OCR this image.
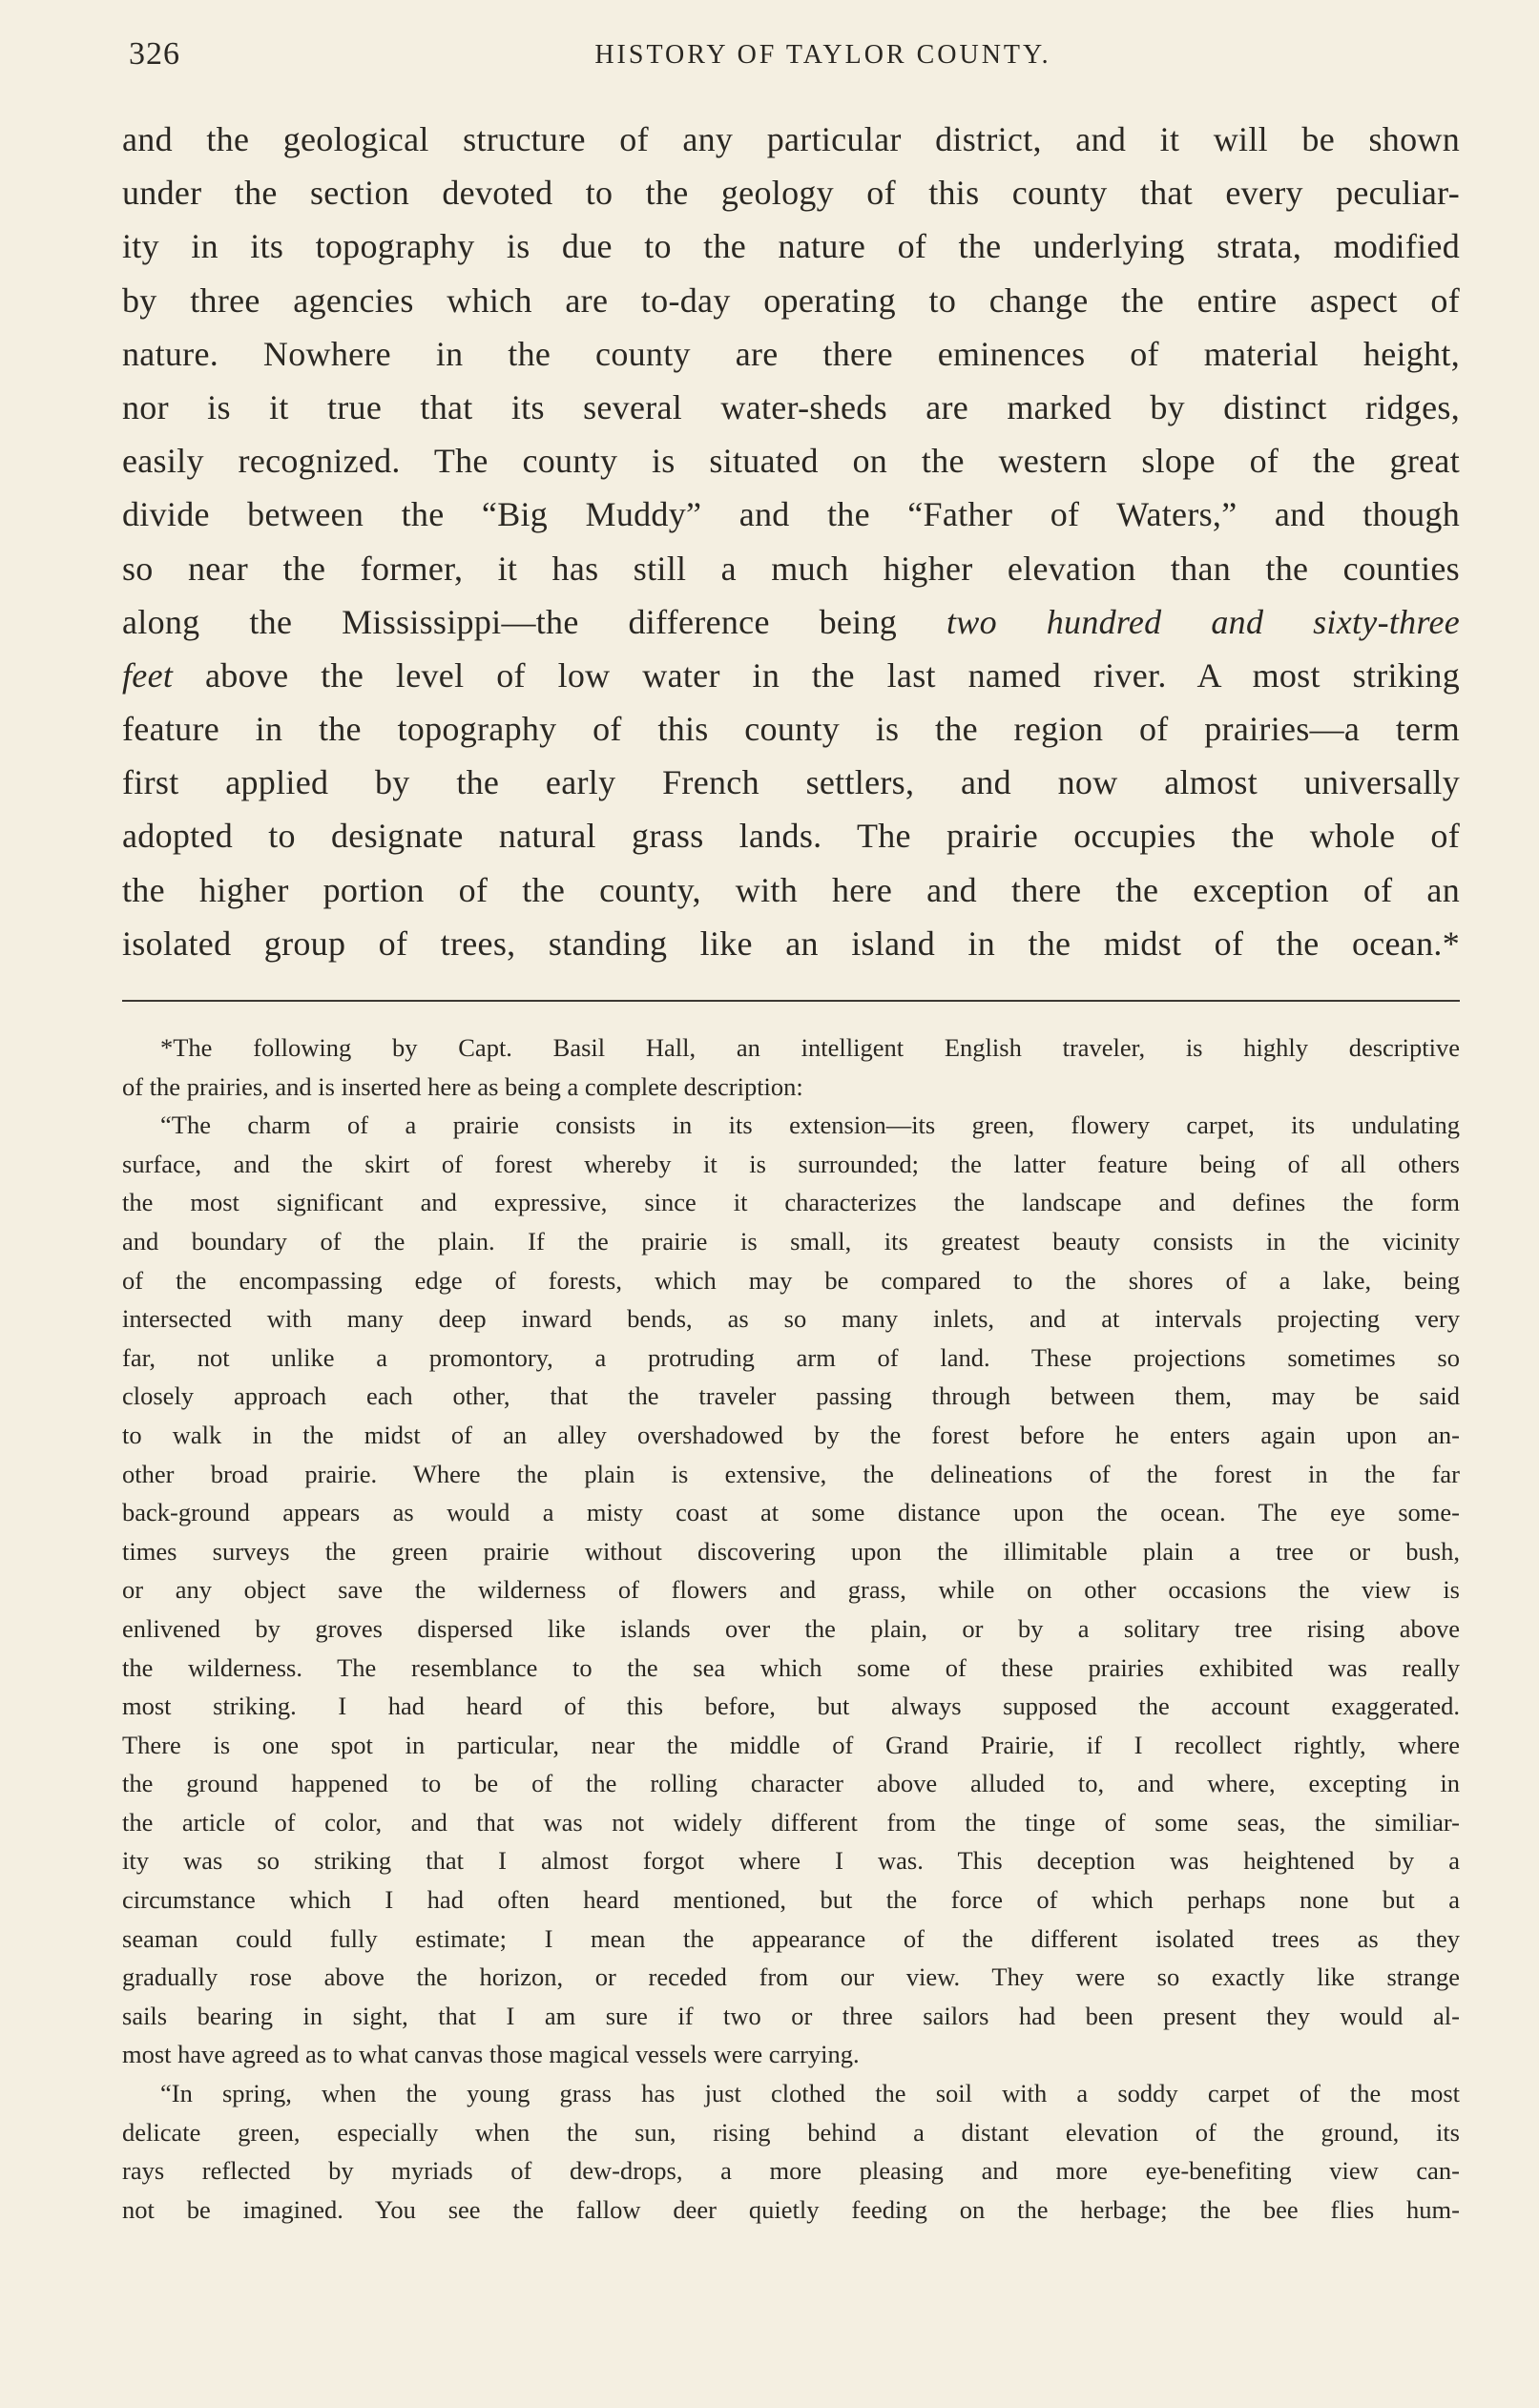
326	HISTORY OF TAYLOR COUNTY.
and the geological structure of any particular district, and it will be shown
under the section devoted to the geology of this county that every peculiar-
ity in its topography is due to the nature of the underlying strata, modified
by three agencies which are to-day operating to change the entire aspect of
nature. Nowhere in the county are there eminences of material height,
nor is it true that its several water-sheds are marked by distinct ridges,
easily recognized. The county is situated on the western slope of the great
divide between the “Big Muddy” and the “Father of Waters,” and though
so near the former, it has still a much higher elevation than the counties
along the Mississippi—the difference being two hundred and sixty-three
feet above the level of low water in the last named river. A most striking
feature in the topography of this county is the region of prairies—a term
first applied by the early French settlers, and now almost universally
adopted to designate natural grass lands. The prairie occupies the whole of
the higher portion of the county, with here and there the exception of an
isolated group of trees, standing like an island in the midst of the ocean.*
*The following by Capt. Basil Hall, an intelligent English traveler, is highly descriptive
of the prairies, and is inserted here as being a complete description:
“The charm of a prairie consists in its extension—its green, flowery carpet, its undulating
surface, and the skirt of forest whereby it is surrounded; the latter feature being of all others
the most significant and expressive, since it characterizes the landscape and defines the form
and boundary of the plain. If the prairie is small, its greatest beauty consists in the vicinity
of the encompassing edge of forests, which may be compared to the shores of a lake, being
intersected with many deep inward bends, as so many inlets, and at intervals projecting very
far, not unlike a promontory, a protruding arm of land. These projections sometimes so
closely approach each other, that the traveler passing through between them, may be said
to walk in the midst of an alley overshadowed by the forest before he enters again upon an-
other broad prairie. Where the plain is extensive, the delineations of the forest in the far
back-ground appears as would a misty coast at some distance upon the ocean. The eye some-
times surveys the green prairie without discovering upon the illimitable plain a tree or bush,
or any object save the wilderness of flowers and grass, while on other occasions the view is
enlivened by groves dispersed like islands over the plain, or by a solitary tree rising above
the wilderness. The resemblance to the sea which some of these prairies exhibited was really
most striking. I had heard of this before, but always supposed the account exaggerated.
There is one spot in particular, near the middle of Grand Prairie, if I recollect rightly, where
the ground happened to be of the rolling character above alluded to, and where, excepting in
the article of color, and that was not widely different from the tinge of some seas, the similiar-
ity was so striking that I almost forgot where I was. This deception was heightened by a
circumstance which I had often heard mentioned, but the force of which perhaps none but a
seaman could fully estimate; I mean the appearance of the different isolated trees as they
gradually rose above the horizon, or receded from our view. They were so exactly like strange
sails bearing in sight, that I am sure if two or three sailors had been present they would al-
most have agreed as to what canvas those magical vessels were carrying.
“In spring, when the young grass has just clothed the soil with a soddy carpet of the most
delicate green, especially when the sun, rising behind a distant elevation of the ground, its
rays reflected by myriads of dew-drops, a more pleasing and more eye-benefiting view can-
not be imagined. You see the fallow deer quietly feeding on the herbage; the bee flies hum-
